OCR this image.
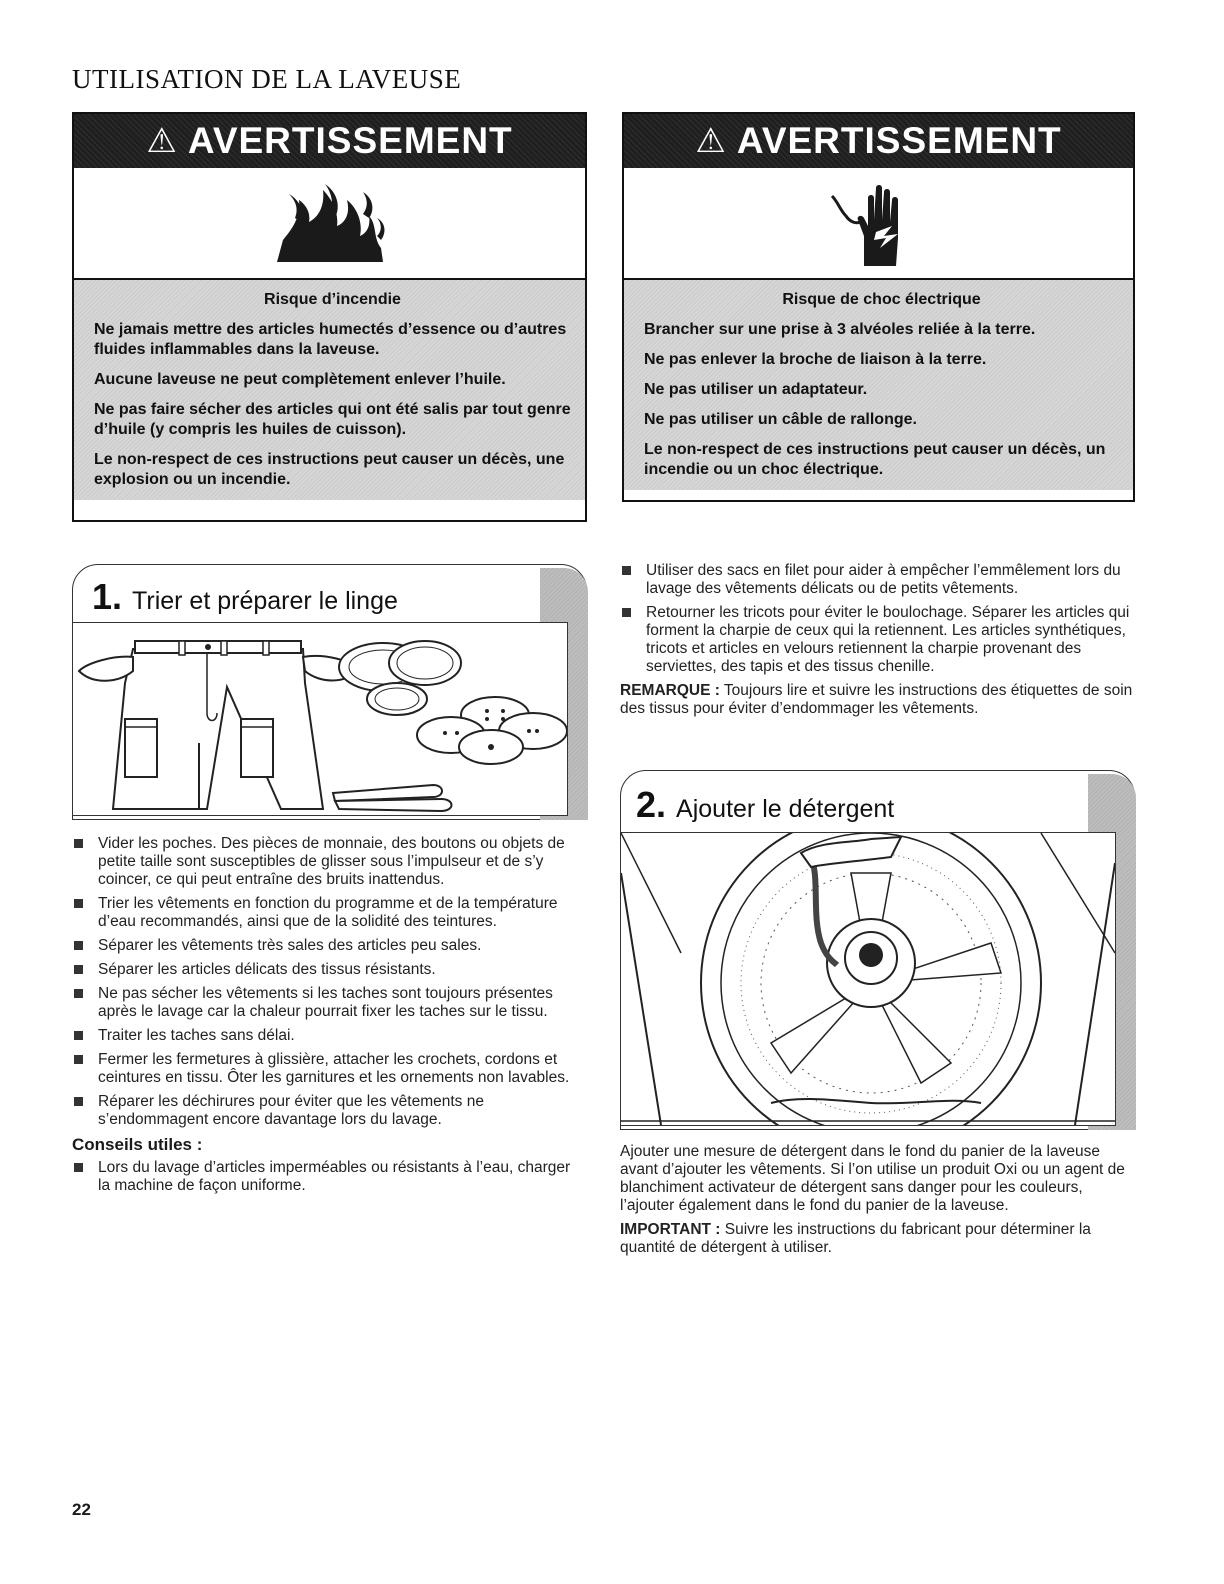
UTILISATION DE LA LAVEUSE
⚠ AVERTISSEMENT
Risque d’incendie

Ne jamais mettre des articles humectés d’essence ou d’autres fluides inflammables dans la laveuse.

Aucune laveuse ne peut complètement enlever l’huile.

Ne pas faire sécher des articles qui ont été salis par tout genre d’huile (y compris les huiles de cuisson).

Le non-respect de ces instructions peut causer un décès, une explosion ou un incendie.

⚠ AVERTISSEMENT
Risque de choc électrique

Brancher sur une prise à 3 alvéoles reliée à la terre.

Ne pas enlever la broche de liaison à la terre.

Ne pas utiliser un adaptateur.

Ne pas utiliser un câble de rallonge.

Le non-respect de ces instructions peut causer un décès, un incendie ou un choc électrique.

1. Trier et préparer le linge
Vider les poches. Des pièces de monnaie, des boutons ou objets de petite taille sont susceptibles de glisser sous l’impulseur et de s’y coincer, ce qui peut entraîne des bruits inattendus.
Trier les vêtements en fonction du programme et de la température d’eau recommandés, ainsi que de la solidité des teintures.
Séparer les vêtements très sales des articles peu sales.
Séparer les articles délicats des tissus résistants.
Ne pas sécher les vêtements si les taches sont toujours présentes après le lavage car la chaleur pourrait fixer les taches sur le tissu.
Traiter les taches sans délai.
Fermer les fermetures à glissière, attacher les crochets, cordons et ceintures en tissu. Ôter les garnitures et les ornements non lavables.
Réparer les déchirures pour éviter que les vêtements ne s’endommagent encore davantage lors du lavage.
Conseils utiles :
Lors du lavage d’articles imperméables ou résistants à l’eau, charger la machine de façon uniforme.
Utiliser des sacs en filet pour aider à empêcher l’emmêlement lors du lavage des vêtements délicats ou de petits vêtements.
Retourner les tricots pour éviter le boulochage. Séparer les articles qui forment la charpie de ceux qui la retiennent. Les articles synthétiques, tricots et articles en velours retiennent la charpie provenant des serviettes, des tapis et des tissus chenille.

REMARQUE : Toujours lire et suivre les instructions des étiquettes de soin des tissus pour éviter d’endommager les vêtements.

2. Ajouter le détergent

Ajouter une mesure de détergent dans le fond du panier de la laveuse avant d’ajouter les vêtements. Si l’on utilise un produit Oxi ou un agent de blanchiment activateur de détergent sans danger pour les couleurs, l’ajouter également dans le fond du panier de la laveuse.

IMPORTANT : Suivre les instructions du fabricant pour déterminer la quantité de détergent à utiliser.

22
